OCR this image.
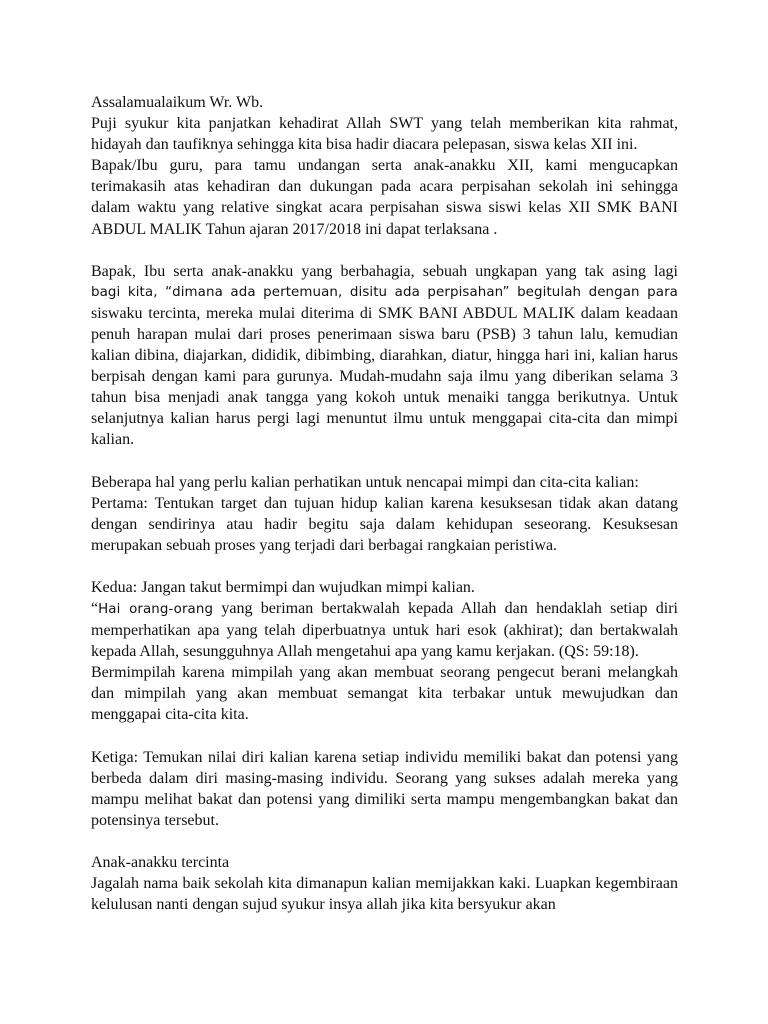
Assalamualaikum Wr. Wb.

Puji syukur kita panjatkan kehadirat Allah SWT yang telah memberikan kita rahmat, hidayah dan taufiknya sehingga kita bisa hadir diacara pelepasan, siswa kelas XII ini.

Bapak/Ibu guru, para tamu undangan serta anak-anakku XII, kami mengucapkan terimakasih atas kehadiran dan dukungan pada acara perpisahan sekolah ini sehingga dalam waktu yang relative singkat acara perpisahan siswa siswi kelas XII SMK BANI ABDUL MALIK Tahun ajaran 2017/2018 ini dapat terlaksana .

Bapak, Ibu serta anak-anakku yang berbahagia, sebuah ungkapan yang tak asing lagi

bagi kita, “dimana ada pertemuan, disitu ada perpisahan” begitulah dengan para

siswaku tercinta, mereka mulai diterima di SMK BANI ABDUL MALIK dalam keadaan penuh harapan mulai dari proses penerimaan siswa baru (PSB) 3 tahun lalu, kemudian kalian dibina, diajarkan, dididik, dibimbing, diarahkan, diatur, hingga hari ini, kalian harus berpisah dengan kami para gurunya. Mudah-mudahn saja ilmu yang diberikan selama 3 tahun bisa menjadi anak tangga yang kokoh untuk menaiki tangga berikutnya. Untuk selanjutnya kalian harus pergi lagi menuntut ilmu untuk menggapai cita-cita dan mimpi kalian.

Beberapa hal yang perlu kalian perhatikan untuk nencapai mimpi dan cita-cita kalian:

Pertama: Tentukan target dan tujuan hidup kalian karena kesuksesan tidak akan datang dengan sendirinya atau hadir begitu saja dalam kehidupan seseorang. Kesuksesan merupakan sebuah proses yang terjadi dari berbagai rangkaian peristiwa.

Kedua: Jangan takut bermimpi dan wujudkan mimpi kalian.

“Hai orang-orang yang beriman bertakwalah kepada Allah dan hendaklah setiap diri memperhatikan apa yang telah diperbuatnya untuk hari esok (akhirat); dan bertakwalah kepada Allah, sesungguhnya Allah mengetahui apa yang kamu kerjakan. (QS: 59:18).

Bermimpilah karena mimpilah yang akan membuat seorang pengecut berani melangkah dan mimpilah yang akan membuat semangat kita terbakar untuk mewujudkan dan menggapai cita-cita kita.

Ketiga: Temukan nilai diri kalian karena setiap individu memiliki bakat dan potensi yang berbeda dalam diri masing-masing individu. Seorang yang sukses adalah mereka yang mampu melihat bakat dan potensi yang dimiliki serta mampu mengembangkan bakat dan potensinya tersebut.

Anak-anakku tercinta

Jagalah nama baik sekolah kita dimanapun kalian memijakkan kaki. Luapkan kegembiraan kelulusan nanti dengan sujud syukur insya allah jika kita bersyukur akan
